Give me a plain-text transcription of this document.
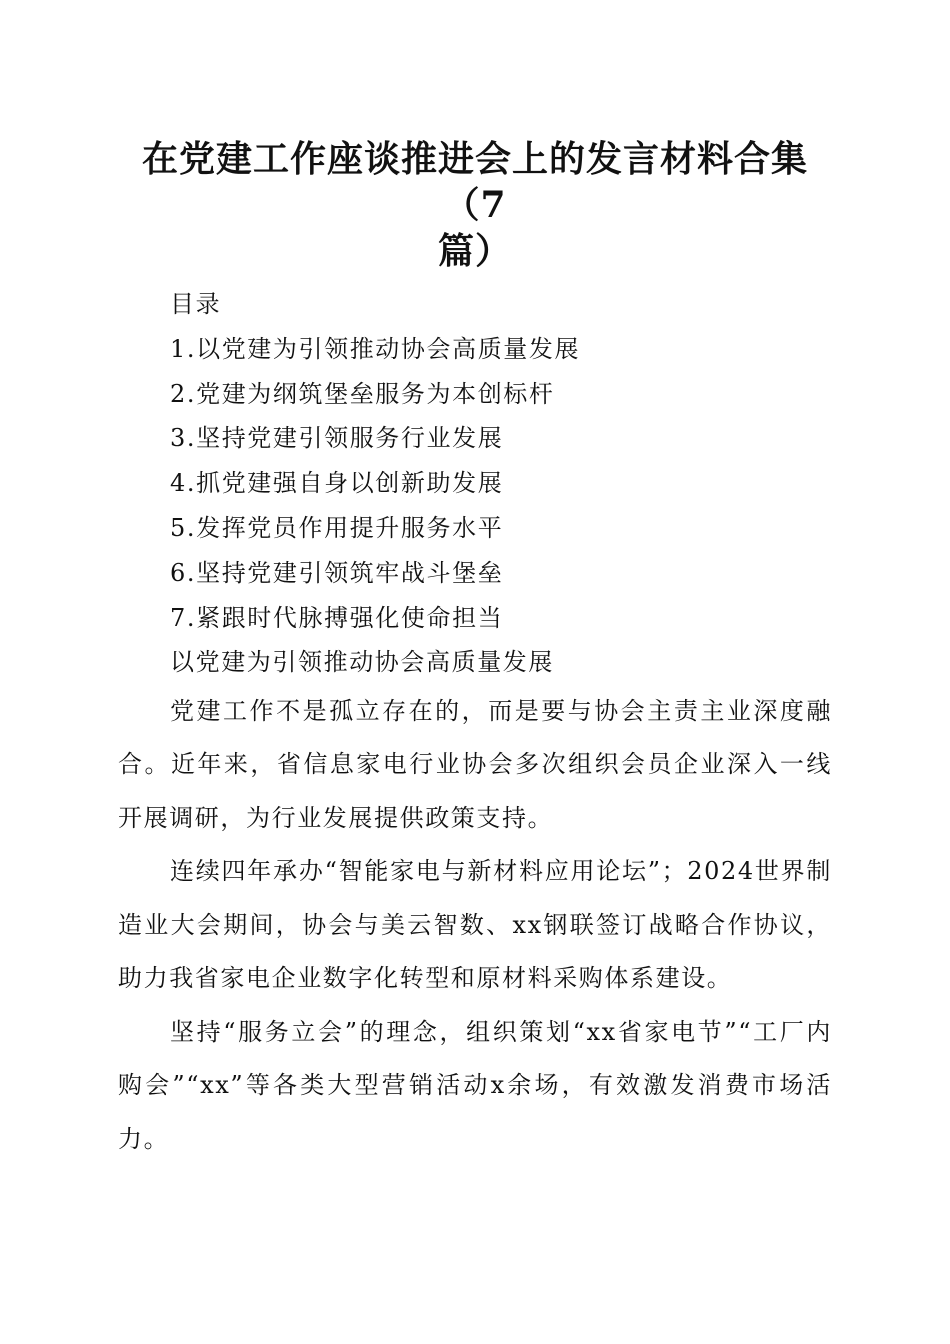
在党建工作座谈推进会上的发言材料合集（7
篇）
目录
1.以党建为引领推动协会高质量发展
2.党建为纲筑堡垒服务为本创标杆
3.坚持党建引领服务行业发展
4.抓党建强自身以创新助发展
5.发挥党员作用提升服务水平
6.坚持党建引领筑牢战斗堡垒
7.紧跟时代脉搏强化使命担当
以党建为引领推动协会高质量发展

党建工作不是孤立存在的，而是要与协会主责主业深度融合。近年来，省信息家电行业协会多次组织会员企业深入一线开展调研，为行业发展提供政策支持。

连续四年承办“智能家电与新材料应用论坛”；2024世界制造业大会期间，协会与美云智数、xx钢联签订战略合作协议，助力我省家电企业数字化转型和原材料采购体系建设。

坚持“服务立会”的理念，组织策划“xx省家电节”“工厂内购会”“xx”等各类大型营销活动x余场，有效激发消费市场活力。
